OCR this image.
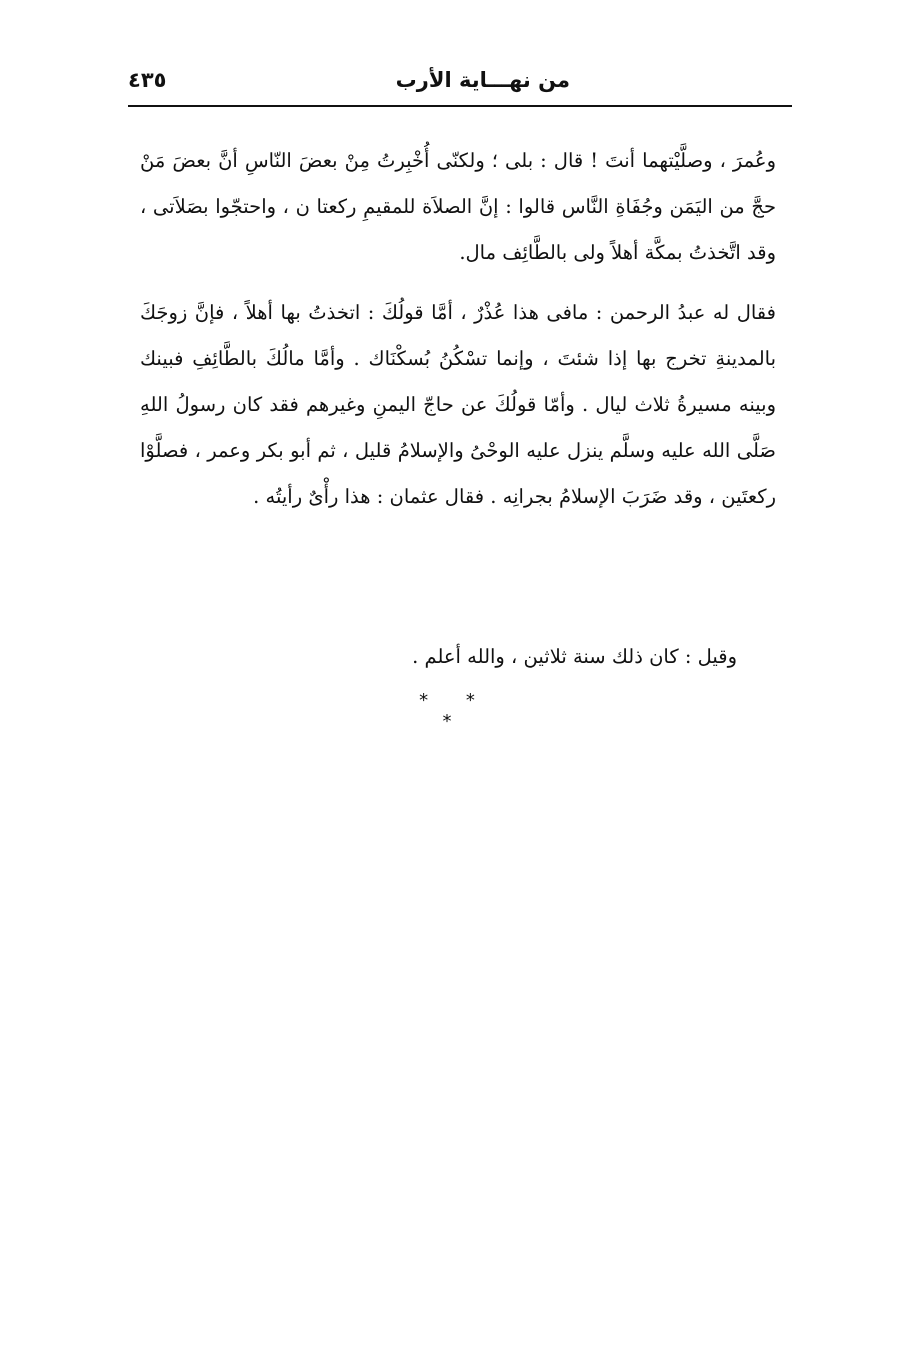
من نهـــاية الأرب
٤٣٥

وعُمرَ ، وصلَّيْتهما أنتَ ! قال : بلى ؛ ولكنّى أُخْبِرتُ مِنْ بعضَ النّاسِ أنَّ بعضَ مَنْ حجَّ من اليَمَن وجُفَاةِ النَّاس قالوا : إنَّ الصلاَة للمقيمِ ركعتا ن ، واحتجّوا بصَلاَتى ، وقد اتَّخذتُ بمكَّة أهلاً ولى بالطَّائِف مال.

فقال له عبدُ الرحمن : مافى هذا عُذْرٌ ، أمَّا قولُكَ : اتخذتُ بها أهلاً ، فإنَّ زوجَكَ بالمدينةِ تخرج بها إذا شئتَ ، وإنما تسْكُنُ بُسكْنَاك . وأمَّا مالُكَ بالطَّائِفِ فبينك وبينه مسيرةُ ثلاث ليال . وأمّا قولُكَ عن حاجّ اليمنِ وغيرهم فقد كان رسولُ اللهِ صَلَّى الله عليه وسلَّم ينزل عليه الوحْىُ والإسلامُ قليل ، ثم أبو بكر وعمر ، فصلَّوْا ركعتَين ، وقد ضَرَبَ الإسلامُ بجرانِه . فقال عثمان : هذا رأْىٌ رأيتُه .

وقيل : كان ذلك سنة ثلاثين ، والله أعلم .
* * *
